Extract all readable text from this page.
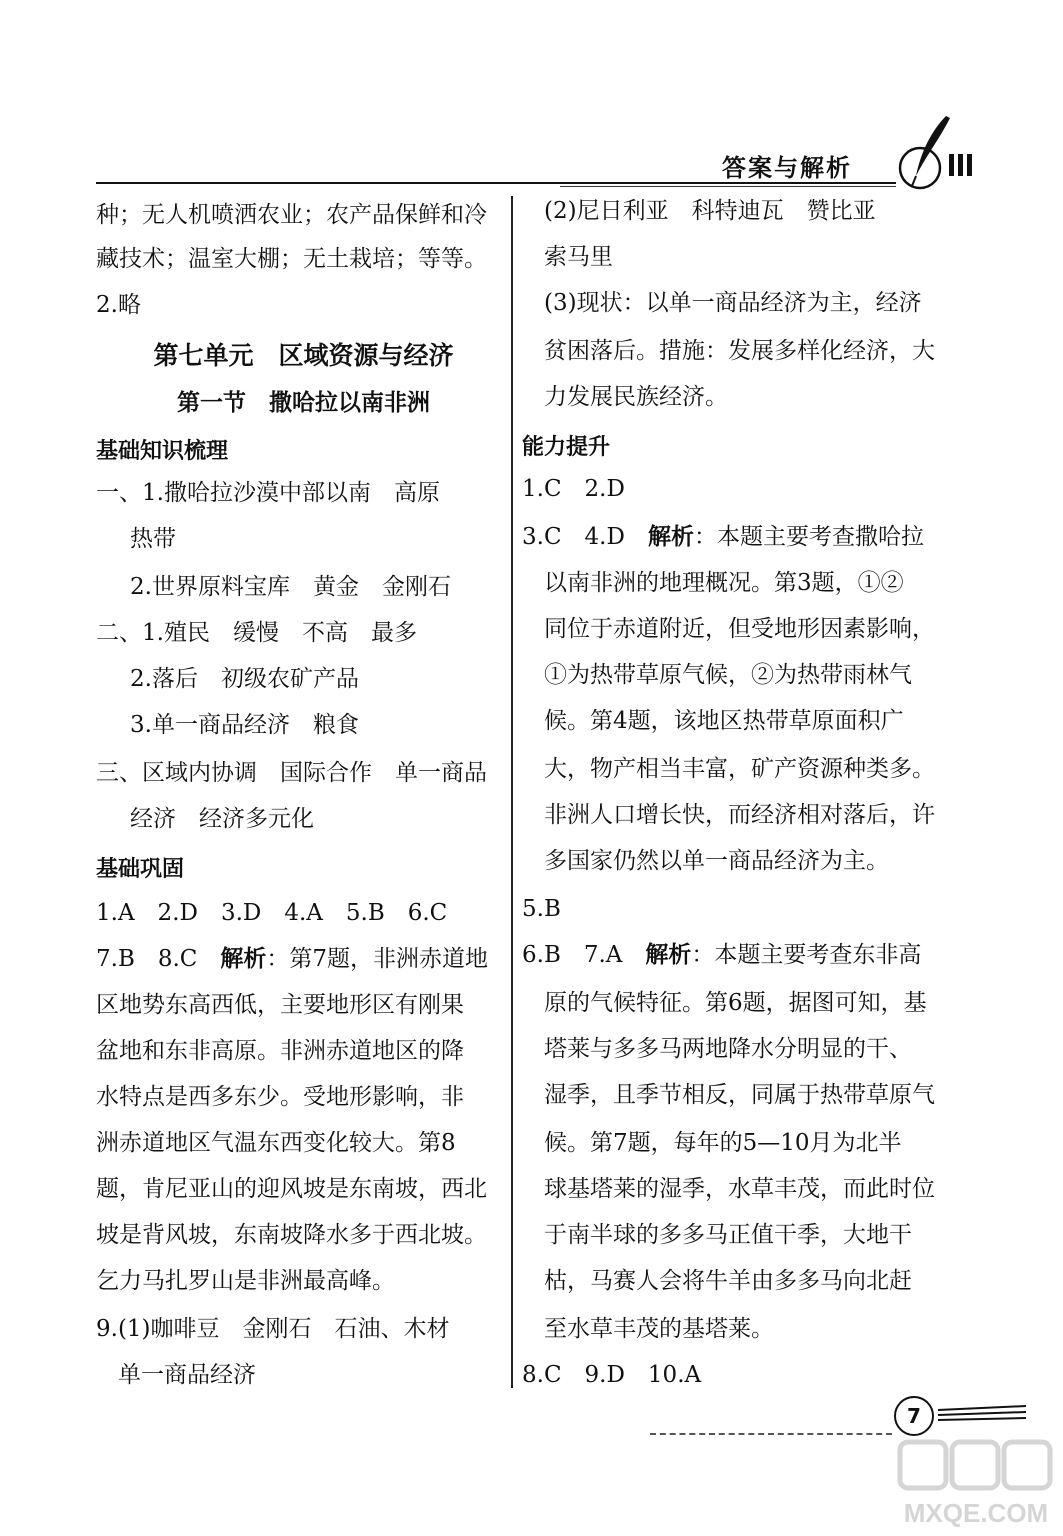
答案与解析
种；无人机喷洒农业；农产品保鲜和冷
藏技术；温室大棚；无土栽培；等等。
2.略
第七单元　区域资源与经济
第一节　撒哈拉以南非洲
基础知识梳理
一、1.撒哈拉沙漠中部以南　高原
热带
2.世界原料宝库　黄金　金刚石
二、1.殖民　缓慢　不高　最多
2.落后　初级农矿产品
3.单一商品经济　粮食
三、区域内协调　国际合作　单一商品
经济　经济多元化
基础巩固
1.A　2.D　3.D　4.A　5.B　6.C
7.B　8.C　解析：第7题，非洲赤道地
区地势东高西低，主要地形区有刚果
盆地和东非高原。非洲赤道地区的降
水特点是西多东少。受地形影响，非
洲赤道地区气温东西变化较大。第8
题，肯尼亚山的迎风坡是东南坡，西北
坡是背风坡，东南坡降水多于西北坡。
乞力马扎罗山是非洲最高峰。
9.(1)咖啡豆　金刚石　石油、木材
单一商品经济
(2)尼日利亚　科特迪瓦　赞比亚
索马里
(3)现状：以单一商品经济为主，经济
贫困落后。措施：发展多样化经济，大
力发展民族经济。
能力提升
1.C　2.D
3.C　4.D　解析：本题主要考查撒哈拉
以南非洲的地理概况。第3题，①②
同位于赤道附近，但受地形因素影响，
①为热带草原气候，②为热带雨林气
候。第4题，该地区热带草原面积广
大，物产相当丰富，矿产资源种类多。
非洲人口增长快，而经济相对落后，许
多国家仍然以单一商品经济为主。
5.B
6.B　7.A　解析：本题主要考查东非高
原的气候特征。第6题，据图可知，基
塔莱与多多马两地降水分明显的干、
湿季，且季节相反，同属于热带草原气
候。第7题，每年的5—10月为北半
球基塔莱的湿季，水草丰茂，而此时位
于南半球的多多马正值干季，大地干
枯，马赛人会将牛羊由多多马向北赶
至水草丰茂的基塔莱。
8.C　9.D　10.A
7
MXQE.COM
